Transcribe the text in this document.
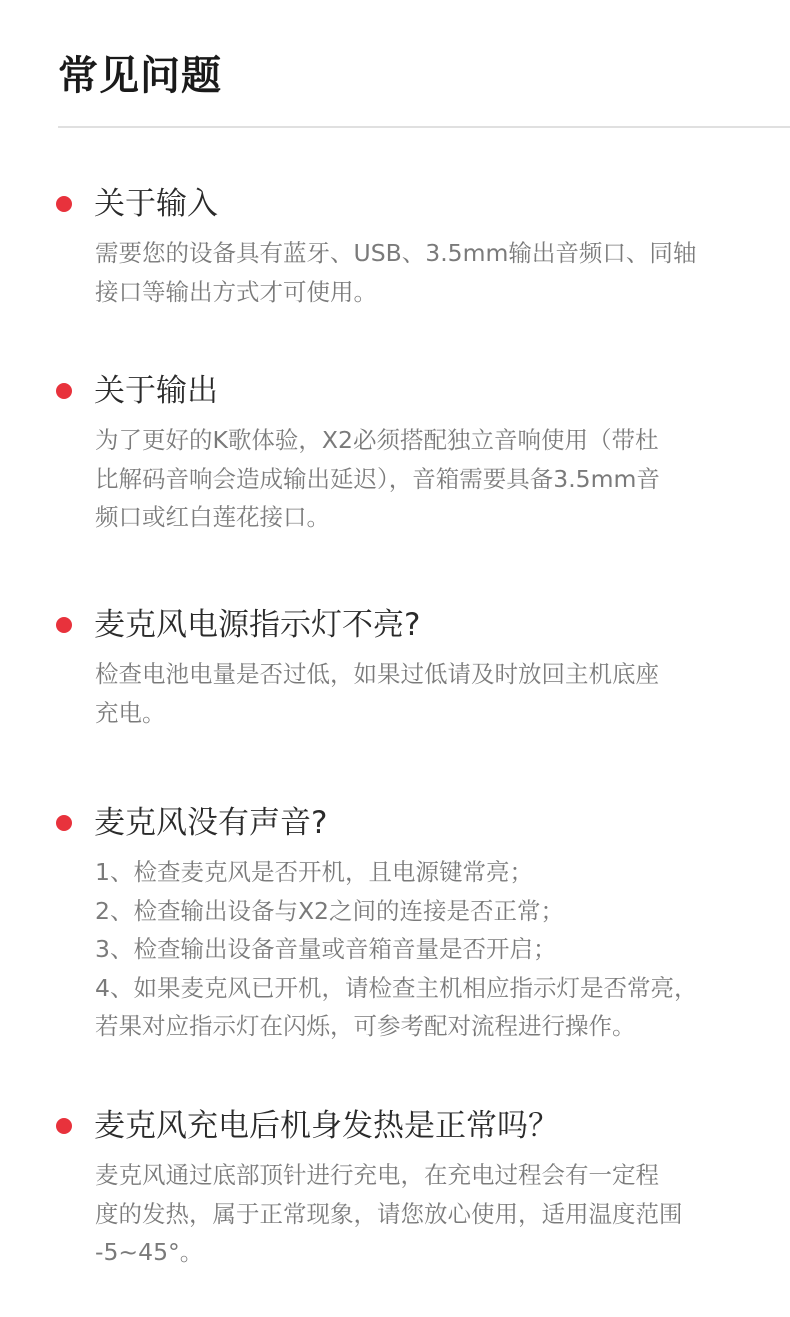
常见问题
关于输入
需要您的设备具有蓝牙、USB、3.5mm输出音频口、同轴
接口等输出方式才可使用。
关于输出
为了更好的K歌体验，X2必须搭配独立音响使用（带杜
比解码音响会造成输出延迟），音箱需要具备3.5mm音
频口或红白莲花接口。
麦克风电源指示灯不亮?
检查电池电量是否过低，如果过低请及时放回主机底座
充电。
麦克风没有声音?
1、检查麦克风是否开机，且电源键常亮；
2、检查输出设备与X2之间的连接是否正常；
3、检查输出设备音量或音箱音量是否开启；
4、如果麦克风已开机，请检查主机相应指示灯是否常亮，
若果对应指示灯在闪烁，可参考配对流程进行操作。
麦克风充电后机身发热是正常吗？
麦克风通过底部顶针进行充电，在充电过程会有一定程
度的发热，属于正常现象，请您放心使用，适用温度范围
-5~45°。
